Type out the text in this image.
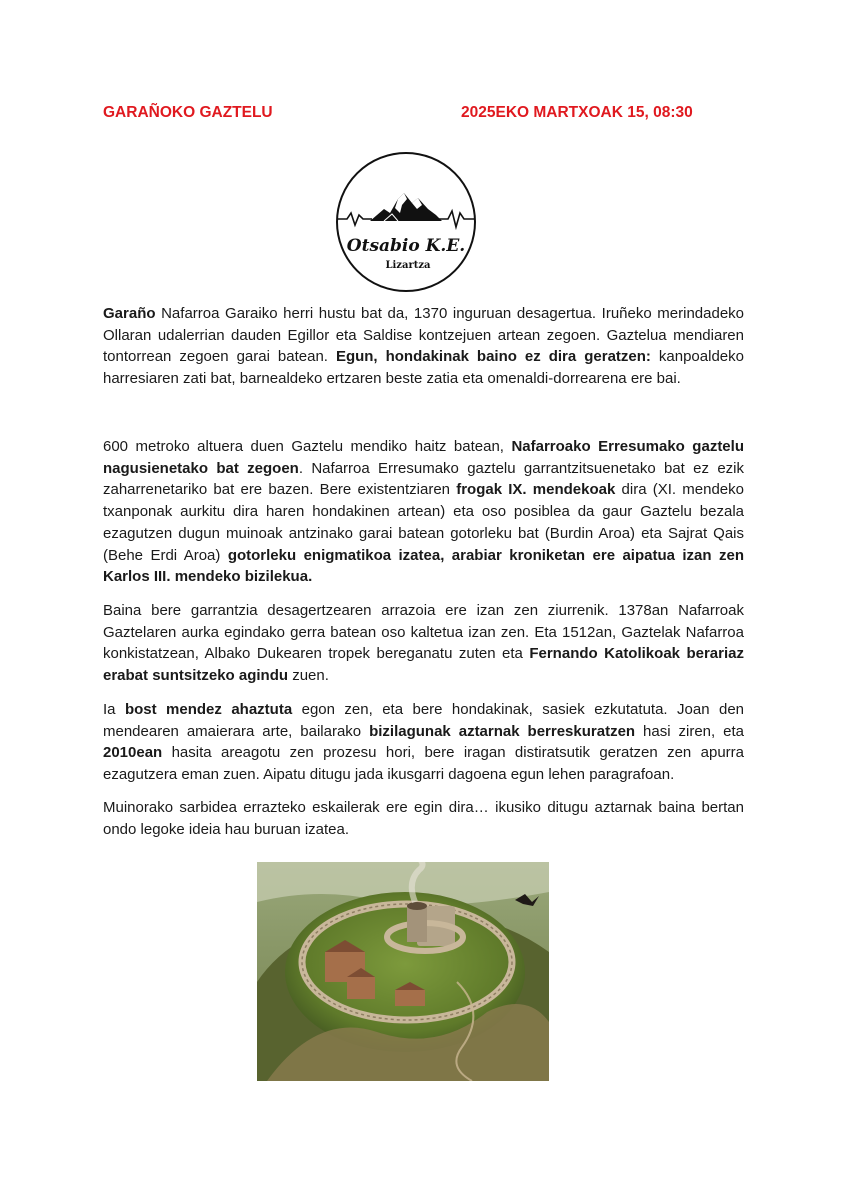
GARAÑOKO GAZTELU	2025EKO MARTXOAK 15, 08:30
Otsabio K.E.
Lizartza

Garaño Nafarroa Garaiko herri hustu bat da, 1370 inguruan desagertua. Iruñeko merindadeko Ollaran udalerrian dauden Egillor eta Saldise kontzejuen artean zegoen. Gaztelua mendiaren tontorrean zegoen garai batean. Egun, hondakinak baino ez dira geratzen: kanpoaldeko harresiaren zati bat, barnealdeko ertzaren beste zatia eta omenaldi-dorrearena ere bai.

600 metroko altuera duen Gaztelu mendiko haitz batean, Nafarroako Erresumako gaztelu nagusienetako bat zegoen. Nafarroa Erresumako gaztelu garrantzitsuenetako bat ez ezik zaharrenetariko bat ere bazen. Bere existentziaren frogak IX. mendekoak dira (XI. mendeko txanponak aurkitu dira haren hondakinen artean) eta oso posiblea da gaur Gaztelu bezala ezagutzen dugun muinoak antzinako garai batean gotorleku bat (Burdin Aroa) eta Sajrat Qais (Behe Erdi Aroa) gotorleku enigmatikoa izatea, arabiar kroniketan ere aipatua izan zen Karlos III. mendeko bizilekua.

Baina bere garrantzia desagertzearen arrazoia ere izan zen ziurrenik. 1378an Nafarroak Gaztelaren aurka egindako gerra batean oso kaltetua izan zen. Eta 1512an, Gaztelak Nafarroa konkistatzean, Albako Dukearen tropek bereganatu zuten eta Fernando Katolikoak berariaz erabat suntsitzeko agindu zuen.

Ia bost mendez ahaztuta egon zen, eta bere hondakinak, sasiek ezkutatuta. Joan den mendearen amaierara arte, bailarako bizilagunak aztarnak berreskuratzen hasi ziren, eta 2010ean hasita areagotu zen prozesu hori, bere iragan distiratsutik geratzen zen apurra ezagutzera eman zuen. Aipatu ditugu jada ikusgarri dagoena egun lehen paragrafoan.

Muinorako sarbidea errazteko eskailerak ere egin dira… ikusiko ditugu aztarnak baina bertan ondo legoke ideia hau buruan izatea.
